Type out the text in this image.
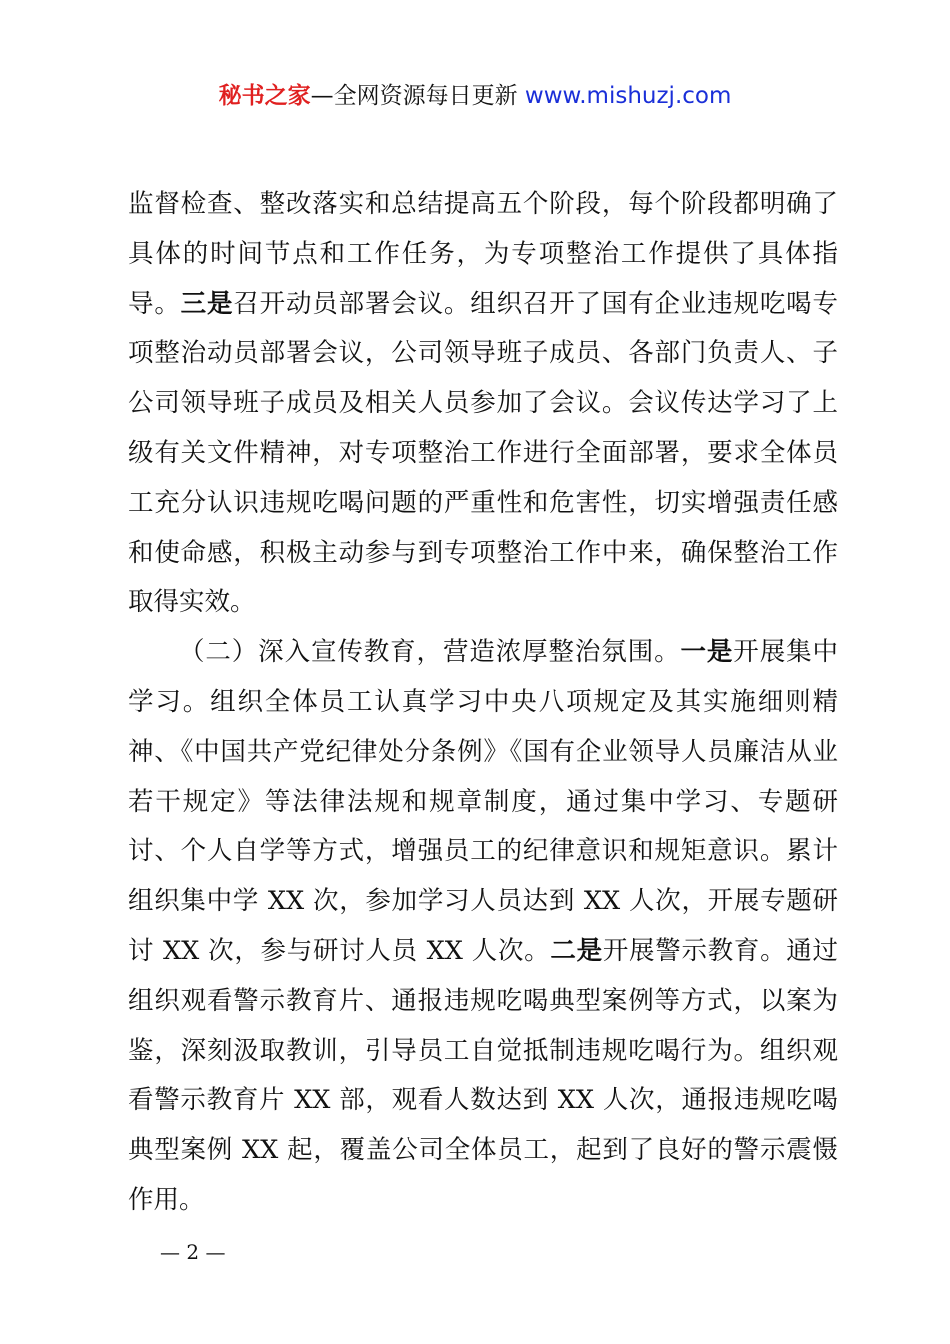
秘书之家—全网资源每日更新 www.mishuzj.com

监督检查、整改落实和总结提高五个阶段，每个阶段都明确了具体的时间节点和工作任务，为专项整治工作提供了具体指导。三是召开动员部署会议。组织召开了国有企业违规吃喝专项整治动员部署会议，公司领导班子成员、各部门负责人、子公司领导班子成员及相关人员参加了会议。会议传达学习了上级有关文件精神，对专项整治工作进行全面部署，要求全体员工充分认识违规吃喝问题的严重性和危害性，切实增强责任感和使命感，积极主动参与到专项整治工作中来，确保整治工作取得实效。

（二）深入宣传教育，营造浓厚整治氛围。一是开展集中学习。组织全体员工认真学习中央八项规定及其实施细则精神、《中国共产党纪律处分条例》《国有企业领导人员廉洁从业若干规定》等法律法规和规章制度，通过集中学习、专题研讨、个人自学等方式，增强员工的纪律意识和规矩意识。累计组织集中学 XX 次，参加学习人员达到 XX 人次，开展专题研讨 XX 次，参与研讨人员 XX 人次。二是开展警示教育。通过组织观看警示教育片、通报违规吃喝典型案例等方式，以案为鉴，深刻汲取教训，引导员工自觉抵制违规吃喝行为。组织观看警示教育片 XX 部，观看人数达到 XX 人次，通报违规吃喝典型案例 XX 起，覆盖公司全体员工，起到了良好的警示震慑作用。

— 2 —
